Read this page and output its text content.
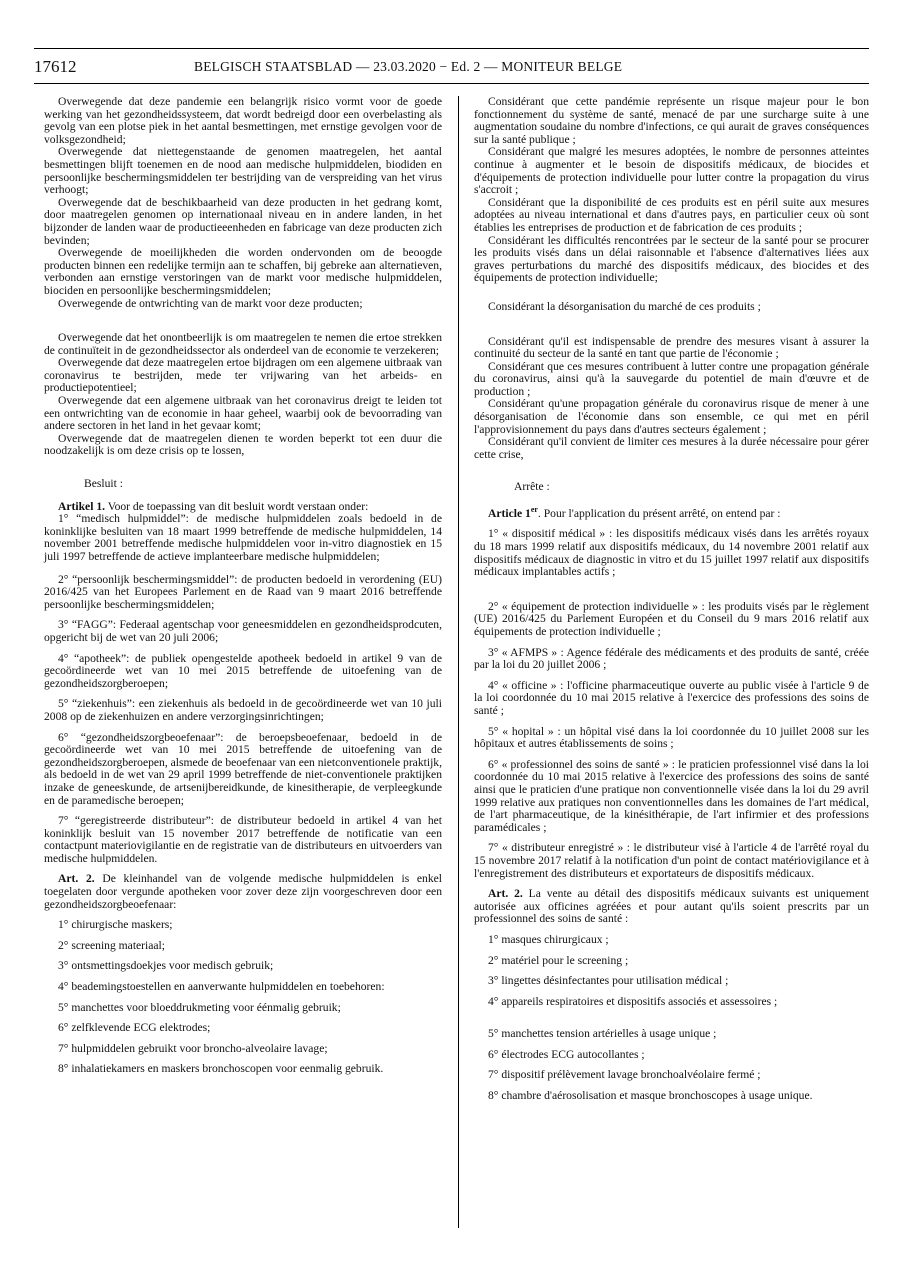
17612	BELGISCH STAATSBLAD — 23.03.2020 − Ed. 2 — MONITEUR BELGE

Overwegende dat deze pandemie een belangrijk risico vormt voor de goede werking van het gezondheidssysteem, dat wordt bedreigd door een overbelasting als gevolg van een plotse piek in het aantal besmettingen, met ernstige gevolgen voor de volksgezondheid;

Overwegende dat niettegenstaande de genomen maatregelen, het aantal besmettingen blijft toenemen en de nood aan medische hulpmiddelen, biodiden en persoonlijke beschermingsmiddelen ter bestrijding van de verspreiding van het virus verhoogt;

Overwegende dat de beschikbaarheid van deze producten in het gedrang komt, door maatregelen genomen op internationaal niveau en in andere landen, in het bijzonder de landen waar de productieeenheden en fabricage van deze producten zich bevinden;

Overwegende de moeilijkheden die worden ondervonden om de beoogde producten binnen een redelijke termijn aan te schaffen, bij gebreke aan alternatieven, verbonden aan ernstige verstoringen van de markt voor medische hulpmiddelen, biociden en persoonlijke beschermingsmiddelen;

Overwegende de ontwrichting van de markt voor deze producten;

Overwegende dat het onontbeerlijk is om maatregelen te nemen die ertoe strekken de continuïteit in de gezondheidssector als onderdeel van de economie te verzekeren;

Overwegende dat deze maatregelen ertoe bijdragen om een algemene uitbraak van coronavirus te bestrijden, mede ter vrijwaring van het arbeids- en productiepotentieel;

Overwegende dat een algemene uitbraak van het coronavirus dreigt te leiden tot een ontwrichting van de economie in haar geheel, waarbij ook de bevoorrading van andere sectoren in het land in het gevaar komt;

Overwegende dat de maatregelen dienen te worden beperkt tot een duur die noodzakelijk is om deze crisis op te lossen,

Besluit :

Artikel 1. Voor de toepassing van dit besluit wordt verstaan onder:

1° “medisch hulpmiddel”: de medische hulpmiddelen zoals bedoeld in de koninklijke besluiten van 18 maart 1999 betreffende de medische hulpmiddelen, 14 november 2001 betreffende medische hulpmiddelen voor in-vitro diagnostiek en 15 juli 1997 betreffende de actieve implanteerbare medische hulpmiddelen;

2° “persoonlijk beschermingsmiddel”: de producten bedoeld in verordening (EU) 2016/425 van het Europees Parlement en de Raad van 9 maart 2016 betreffende persoonlijke beschermingsmiddelen;

3° “FAGG”: Federaal agentschap voor geneesmiddelen en gezondheidsprodcuten, opgericht bij de wet van 20 juli 2006;

4° “apotheek”: de publiek opengestelde apotheek bedoeld in artikel 9 van de gecoördineerde wet van 10 mei 2015 betreffende de uitoefening van de gezondheidszorgberoepen;

5° “ziekenhuis”: een ziekenhuis als bedoeld in de gecoördineerde wet van 10 juli 2008 op de ziekenhuizen en andere verzorgingsinrichtingen;

6° “gezondheidszorgbeoefenaar”: de beroepsbeoefenaar, bedoeld in de gecoördineerde wet van 10 mei 2015 betreffende de uitoefening van de gezondheidszorgberoepen, alsmede de beoefenaar van een nietconventionele praktijk, als bedoeld in de wet van 29 april 1999 betreffende de niet-conventionele praktijken inzake de geneeskunde, de artsenijbereidkunde, de kinesitherapie, de verpleegkunde en de paramedische beroepen;

7° “geregistreerde distributeur”: de distributeur bedoeld in artikel 4 van het koninklijk besluit van 15 november 2017 betreffende de notificatie van een contactpunt materiovigilantie en de registratie van de distributeurs en uitvoerders van medische hulpmiddelen.

Art. 2. De kleinhandel van de volgende medische hulpmiddelen is enkel toegelaten door vergunde apotheken voor zover deze zijn voorgeschreven door een gezondheidszorgbeoefenaar:

1° chirurgische maskers;

2° screening materiaal;

3° ontsmettingsdoekjes voor medisch gebruik;

4° beademingstoestellen en aanverwante hulpmiddelen en toebehoren:

5° manchettes voor bloeddrukmeting voor éénmalig gebruik;

6° zelfklevende ECG elektrodes;

7° hulpmiddelen gebruikt voor broncho-alveolaire lavage;

8° inhalatiekamers en maskers bronchoscopen voor eenmalig gebruik.

Considérant que cette pandémie représente un risque majeur pour le bon fonctionnement du système de santé, menacé de par une surcharge suite à une augmentation soudaine du nombre d'infections, ce qui aurait de graves conséquences sur la santé publique ;

Considérant que malgré les mesures adoptées, le nombre de personnes atteintes continue à augmenter et le besoin de dispositifs médicaux, de biocides et d'équipements de protection individuelle pour lutter contre la propagation du virus s'accroit ;

Considérant que la disponibilité de ces produits est en péril suite aux mesures adoptées au niveau international et dans d'autres pays, en particulier ceux où sont établies les entreprises de production et de fabrication de ces produits ;

Considérant les difficultés rencontrées par le secteur de la santé pour se procurer les produits visés dans un délai raisonnable et l'absence d'alternatives liées aux graves perturbations du marché des dispositifs médicaux, des biocides et des équipements de protection individuelle;

Considérant la désorganisation du marché de ces produits ;

Considérant qu'il est indispensable de prendre des mesures visant à assurer la continuité du secteur de la santé en tant que partie de l'économie ;

Considérant que ces mesures contribuent à lutter contre une propagation générale du coronavirus, ainsi qu'à la sauvegarde du potentiel de main d'œuvre et de production ;

Considérant qu'une propagation générale du coronavirus risque de mener à une désorganisation de l'économie dans son ensemble, ce qui met en péril l'approvisionnement du pays dans d'autres secteurs également ;

Considérant qu'il convient de limiter ces mesures à la durée nécessaire pour gérer cette crise,

Arrête :

Article 1er. Pour l'application du présent arrêté, on entend par :

1° « dispositif médical » : les dispositifs médicaux visés dans les arrêtés royaux du 18 mars 1999 relatif aux dispositifs médicaux, du 14 novembre 2001 relatif aux dispositifs médicaux de diagnostic in vitro et du 15 juillet 1997 relatif aux dispositifs médicaux implantables actifs ;

2° « équipement de protection individuelle » : les produits visés par le règlement (UE) 2016/425 du Parlement Européen et du Conseil du 9 mars 2016 relatif aux équipements de protection individuelle ;

3° « AFMPS » : Agence fédérale des médicaments et des produits de santé, créée par la loi du 20 juillet 2006 ;

4° « officine » : l'officine pharmaceutique ouverte au public visée à l'article 9 de la loi coordonnée du 10 mai 2015 relative à l'exercice des professions des soins de santé ;

5° « hopital » : un hôpital visé dans la loi coordonnée du 10 juillet 2008 sur les hôpitaux et autres établissements de soins ;

6° « professionnel des soins de santé » : le praticien professionnel visé dans la loi coordonnée du 10 mai 2015 relative à l'exercice des professions des soins de santé ainsi que le praticien d'une pratique non conventionnelle visée dans la loi du 29 avril 1999 relative aux pratiques non conventionnelles dans les domaines de l'art médical, de l'art pharmaceutique, de la kinésithérapie, de l'art infirmier et des professions paramédicales ;

7° « distributeur enregistré » : le distributeur visé à l'article 4 de l'arrêté royal du 15 novembre 2017 relatif à la notification d'un point de contact matériovigilance et à l'enregistrement des distributeurs et exportateurs de dispositifs médicaux.

Art. 2. La vente au détail des dispositifs médicaux suivants est uniquement autorisée aux officines agréées et pour autant qu'ils soient prescrits par un professionnel des soins de santé :

1° masques chirurgicaux ;

2° matériel pour le screening ;

3° lingettes désinfectantes pour utilisation médical ;

4° appareils respiratoires et dispositifs associés et assessoires ;

5° manchettes tension artérielles à usage unique ;

6° électrodes ECG autocollantes ;

7° dispositif prélèvement lavage bronchoalvéolaire fermé ;

8° chambre d'aérosolisation et masque bronchoscopes à usage unique.
